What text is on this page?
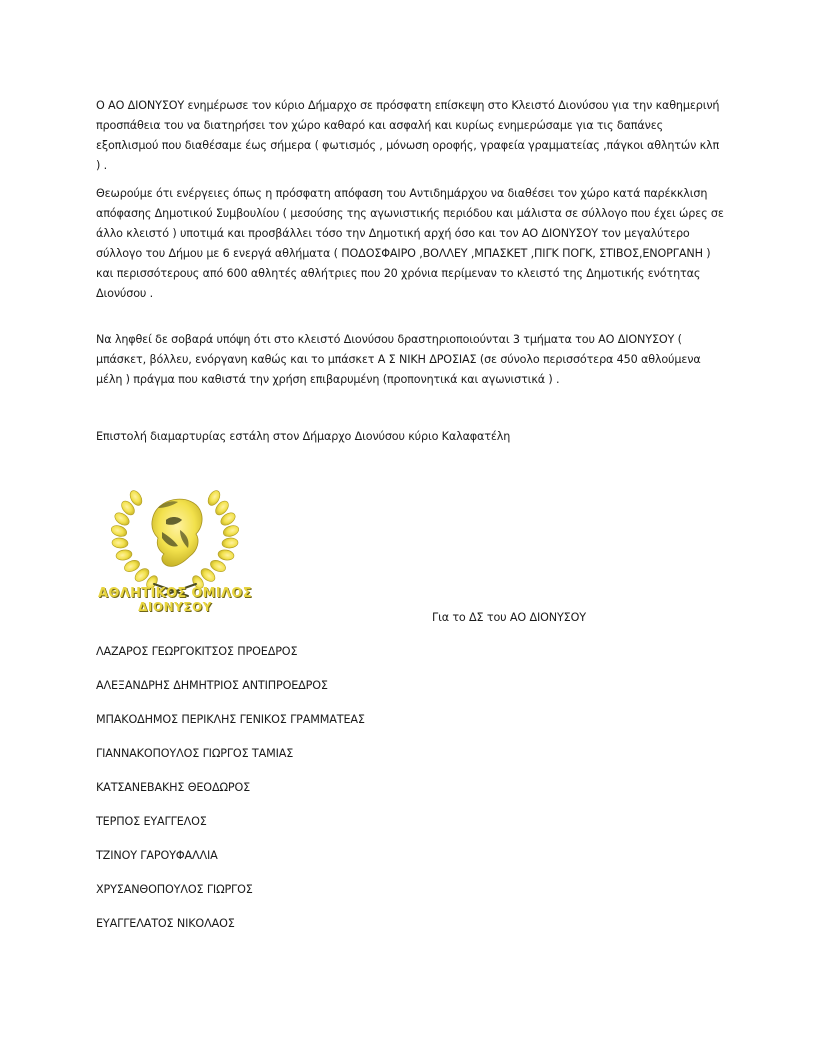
Ο ΑΟ ΔΙΟΝΥΣΟΥ ενημέρωσε τον κύριο Δήμαρχο σε πρόσφατη επίσκεψη στο Κλειστό Διονύσου για την καθημερινή προσπάθεια του να διατηρήσει τον χώρο καθαρό και ασφαλή και κυρίως ενημερώσαμε για τις δαπάνες εξοπλισμού που διαθέσαμε έως σήμερα ( φωτισμός , μόνωση οροφής, γραφεία γραμματείας ,πάγκοι αθλητών κλπ ) .

Θεωρούμε ότι ενέργειες όπως η πρόσφατη απόφαση του Αντιδημάρχου να διαθέσει τον χώρο κατά παρέκκλιση απόφασης Δημοτικού Συμβουλίου ( μεσούσης της αγωνιστικής περιόδου και μάλιστα σε σύλλογο που έχει ώρες σε άλλο κλειστό ) υποτιμά και προσβάλλει τόσο την Δημοτική αρχή όσο και τον ΑΟ ΔΙΟΝΥΣΟΥ τον μεγαλύτερο σύλλογο του Δήμου με 6 ενεργά αθλήματα ( ΠΟΔΟΣΦΑΙΡΟ ,ΒΟΛΛΕΥ ,ΜΠΑΣΚΕΤ ,ΠΙΓΚ ΠΟΓΚ, ΣΤΙΒΟΣ,ΕΝΟΡΓΑΝΗ ) και περισσότερους από 600 αθλητές αθλήτριες που 20 χρόνια περίμεναν το κλειστό της Δημοτικής ενότητας Διονύσου .

Να ληφθεί δε σοβαρά υπόψη ότι στο κλειστό Διονύσου δραστηριοποιούνται 3 τμήματα του ΑΟ ΔΙΟΝΥΣΟΥ ( μπάσκετ, βόλλευ, ενόργανη καθώς και το μπάσκετ Α Σ ΝΙΚΗ ΔΡΟΣΙΑΣ (σε σύνολο περισσότερα 450 αθλούμενα μέλη ) πράγμα που καθιστά την χρήση επιβαρυμένη (προπονητικά και αγωνιστικά ) .

Επιστολή διαμαρτυρίας εστάλη στον Δήμαρχο Διονύσου κύριο Καλαφατέλη

ΑΘΛΗΤΙΚΟΣ ΟΜΙΛΟΣ
ΔΙΟΝΥΣΟΥ
Για το ΔΣ του ΑΟ ΔΙΟΝΥΣΟΥ
ΛΑΖΑΡΟΣ ΓΕΩΡΓΟΚΙΤΣΟΣ ΠΡΟΕΔΡΟΣ
ΑΛΕΞΑΝΔΡΗΣ ΔΗΜΗΤΡΙΟΣ ΑΝΤΙΠΡΟΕΔΡΟΣ
ΜΠΑΚΟΔΗΜΟΣ ΠΕΡΙΚΛΗΣ ΓΕΝΙΚΟΣ ΓΡΑΜΜΑΤΕΑΣ
ΓΙΑΝΝΑΚΟΠΟΥΛΟΣ ΓΙΩΡΓΟΣ ΤΑΜΙΑΣ
ΚΑΤΣΑΝΕΒΑΚΗΣ ΘΕΟΔΩΡΟΣ
ΤΕΡΠΟΣ ΕΥΑΓΓΕΛΟΣ
ΤΖΙΝΟΥ ΓΑΡΟΥΦΑΛΛΙΑ
ΧΡΥΣΑΝΘΟΠΟΥΛΟΣ ΓΙΩΡΓΟΣ
ΕΥΑΓΓΕΛΑΤΟΣ ΝΙΚΟΛΑΟΣ
